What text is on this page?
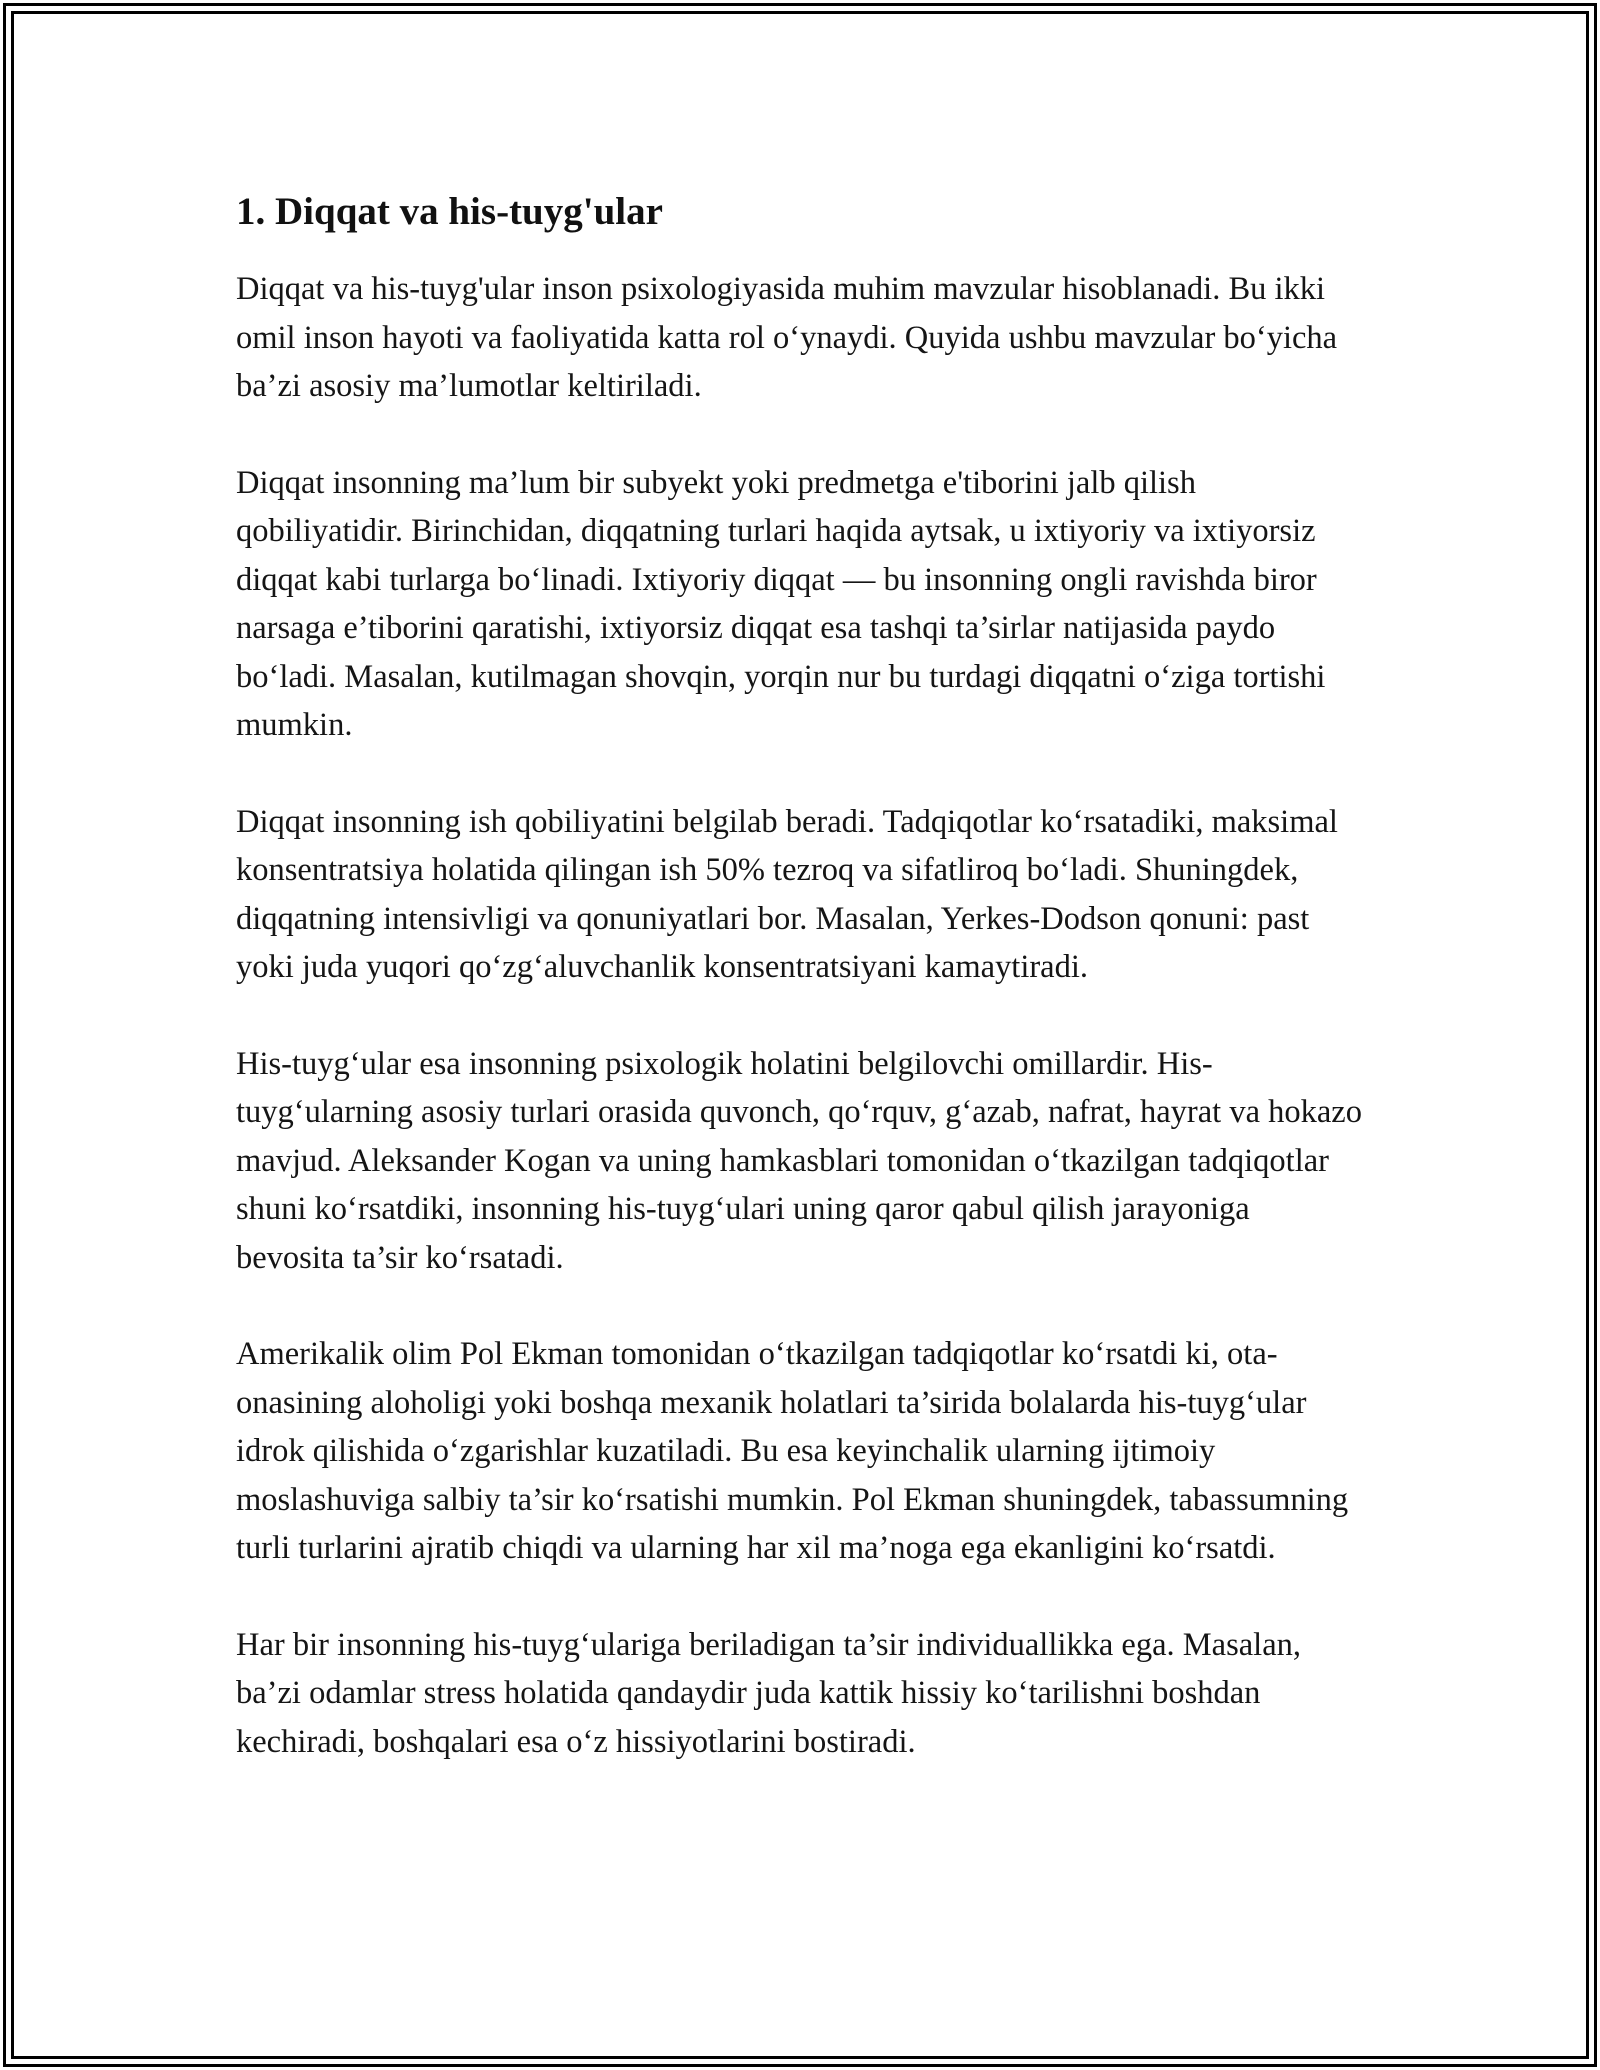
1. Diqqat va his-tuyg'ular

Diqqat va his-tuyg'ular inson psixologiyasida muhim mavzular hisoblanadi. Bu ikki omil inson hayoti va faoliyatida katta rol o‘ynaydi. Quyida ushbu mavzular bo‘yicha ba’zi asosiy ma’lumotlar keltiriladi.

Diqqat insonning ma’lum bir subyekt yoki predmetga e'tiborini jalb qilish qobiliyatidir. Birinchidan, diqqatning turlari haqida aytsak, u ixtiyoriy va ixtiyorsiz diqqat kabi turlarga bo‘linadi. Ixtiyoriy diqqat — bu insonning ongli ravishda biror narsaga e’tiborini qaratishi, ixtiyorsiz diqqat esa tashqi ta’sirlar natijasida paydo bo‘ladi. Masalan, kutilmagan shovqin, yorqin nur bu turdagi diqqatni o‘ziga tortishi mumkin.

Diqqat insonning ish qobiliyatini belgilab beradi. Tadqiqotlar ko‘rsatadiki, maksimal konsentratsiya holatida qilingan ish 50% tezroq va sifatliroq bo‘ladi. Shuningdek, diqqatning intensivligi va qonuniyatlari bor. Masalan, Yerkes-Dodson qonuni: past yoki juda yuqori qo‘zg‘aluvchanlik konsentratsiyani kamaytiradi.

His-tuyg‘ular esa insonning psixologik holatini belgilovchi omillardir. His-tuyg‘ularning asosiy turlari orasida quvonch, qo‘rquv, g‘azab, nafrat, hayrat va hokazo mavjud. Aleksander Kogan va uning hamkasblari tomonidan o‘tkazilgan tadqiqotlar shuni ko‘rsatdiki, insonning his-tuyg‘ulari uning qaror qabul qilish jarayoniga bevosita ta’sir ko‘rsatadi.

Amerikalik olim Pol Ekman tomonidan o‘tkazilgan tadqiqotlar ko‘rsatdi ki, ota-onasining aloholigi yoki boshqa mexanik holatlari ta’sirida bolalarda his-tuyg‘ular idrok qilishida o‘zgarishlar kuzatiladi. Bu esa keyinchalik ularning ijtimoiy moslashuviga salbiy ta’sir ko‘rsatishi mumkin. Pol Ekman shuningdek, tabassumning turli turlarini ajratib chiqdi va ularning har xil ma’noga ega ekanligini ko‘rsatdi.

Har bir insonning his-tuyg‘ulariga beriladigan ta’sir individuallikka ega. Masalan, ba’zi odamlar stress holatida qandaydir juda kattik hissiy ko‘tarilishni boshdan kechiradi, boshqalari esa o‘z hissiyotlarini bostiradi.
